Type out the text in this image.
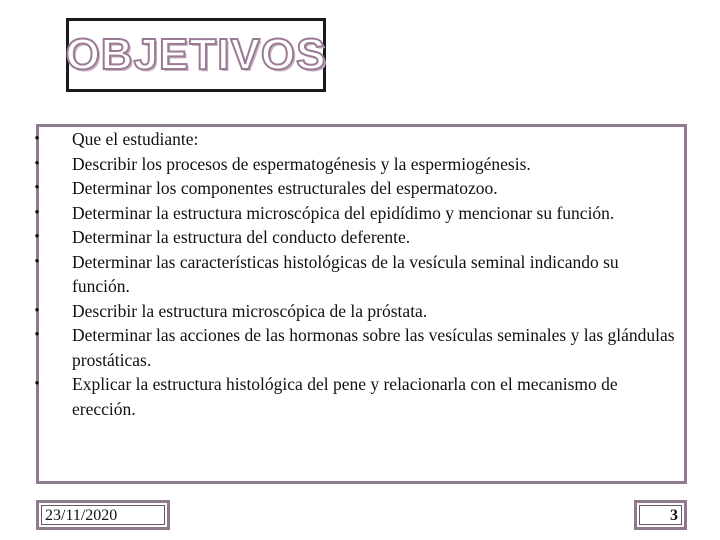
OBJETIVOS
• Que el estudiante:
• Describir los procesos de espermatogénesis y la espermiogénesis.
• Determinar los componentes estructurales del espermatozoo.
• Determinar la estructura microscópica del epidídimo y mencionar su función.
• Determinar la estructura del conducto deferente.
• Determinar las características histológicas de la vesícula seminal indicando su función.
• Describir la estructura microscópica de la próstata.
• Determinar las acciones de las hormonas sobre las vesículas seminales y las glándulas prostáticas.
• Explicar la estructura histológica del pene y relacionarla con el mecanismo de erección.
23/11/2020	3
